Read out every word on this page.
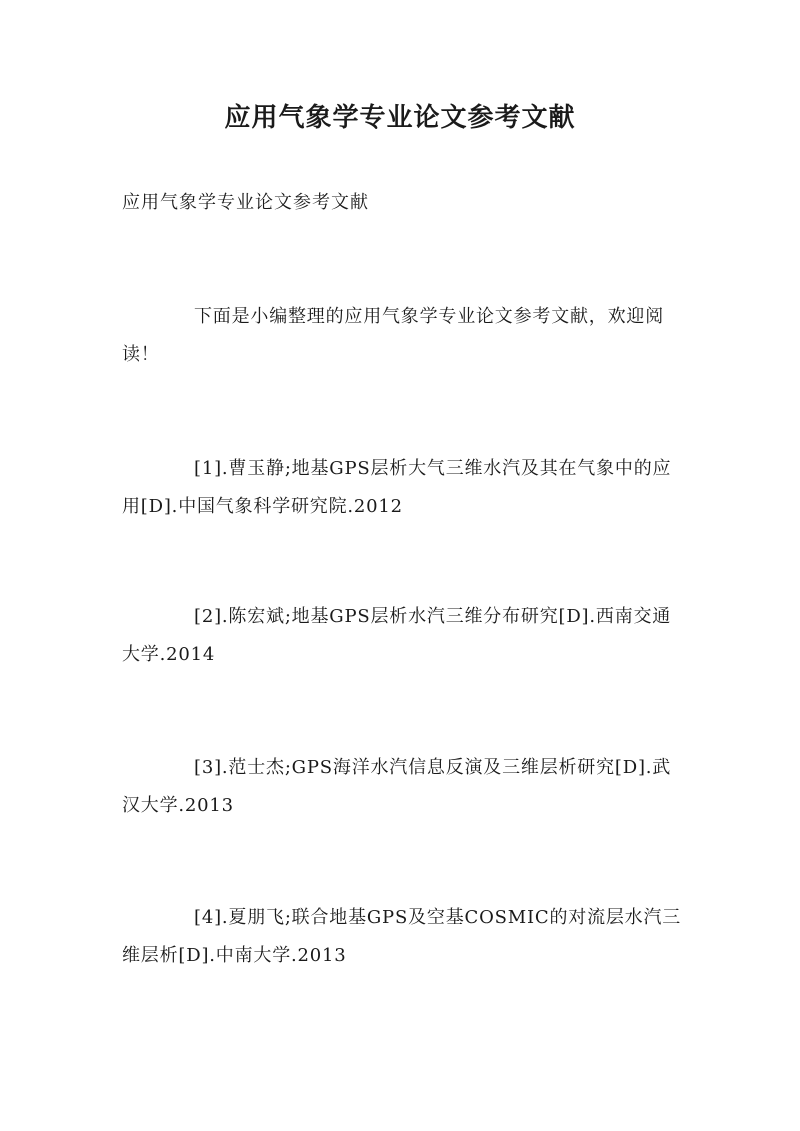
应用气象学专业论文参考文献

应用气象学专业论文参考文献

下面是小编整理的应用气象学专业论文参考文献，欢迎阅读！

[1].曹玉静;地基GPS层析大气三维水汽及其在气象中的应用[D].中国气象科学研究院.2012

[2].陈宏斌;地基GPS层析水汽三维分布研究[D].西南交通大学.2014

[3].范士杰;GPS海洋水汽信息反演及三维层析研究[D].武汉大学.2013

[4].夏朋飞;联合地基GPS及空基COSMIC的对流层水汽三维层析[D].中南大学.2013
